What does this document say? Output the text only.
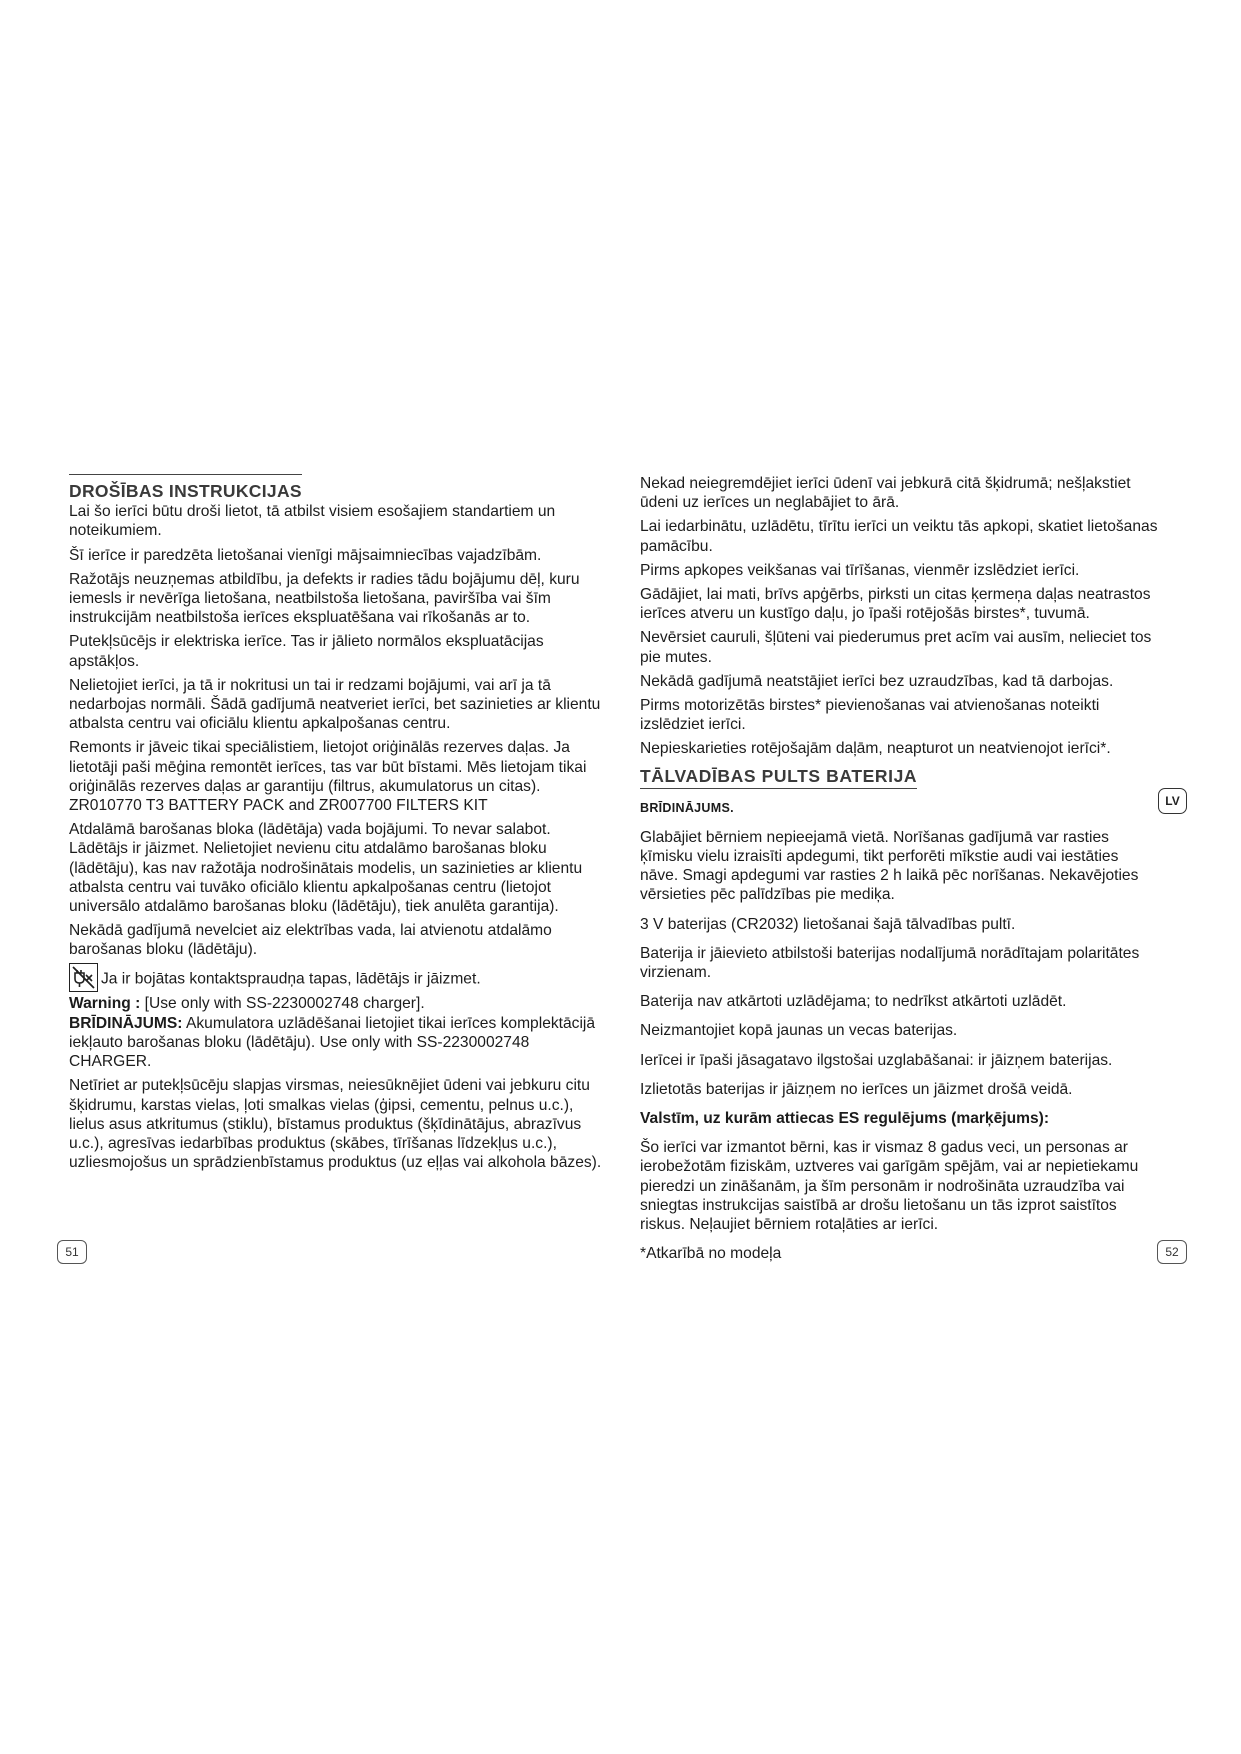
DROŠĪBAS INSTRUKCIJAS

Lai šo ierīci būtu droši lietot, tā atbilst visiem esošajiem standartiem un noteikumiem.

Šī ierīce ir paredzēta lietošanai vienīgi mājsaimniecības vajadzībām.

Ražotājs neuzņemas atbildību, ja defekts ir radies tādu bojājumu dēļ, kuru iemesls ir nevērīga lietošana, neatbilstoša lietošana, paviršība vai šīm instrukcijām neatbilstoša ierīces ekspluatēšana vai rīkošanās ar to.

Putekļsūcējs ir elektriska ierīce. Tas ir jālieto normālos ekspluatācijas apstākļos.

Nelietojiet ierīci, ja tā ir nokritusi un tai ir redzami bojājumi, vai arī ja tā nedarbojas normāli. Šādā gadījumā neatveriet ierīci, bet sazinieties ar klientu atbalsta centru vai oficiālu klientu apkalpošanas centru.

Remonts ir jāveic tikai speciālistiem, lietojot oriģinālās rezerves daļas. Ja lietotāji paši mēģina remontēt ierīces, tas var būt bīstami. Mēs lietojam tikai oriģinālās rezerves daļas ar garantiju (filtrus, akumulatorus un citas). ZR010770 T3 BATTERY PACK and ZR007700 FILTERS KIT

Atdalāmā barošanas bloka (lādētāja) vada bojājumi. To nevar salabot. Lādētājs ir jāizmet. Nelietojiet nevienu citu atdalāmo barošanas bloku (lādētāju), kas nav ražotāja nodrošinātais modelis, un sazinieties ar klientu atbalsta centru vai tuvāko oficiālo klientu apkalpošanas centru (lietojot universālo atdalāmo barošanas bloku (lādētāju), tiek anulēta garantija).

Nekādā gadījumā nevelciet aiz elektrības vada, lai atvienotu atdalāmo barošanas bloku (lādētāju).

Ja ir bojātas kontaktspraudņa tapas, lādētājs ir jāizmet.

Warning : [Use only with SS-2230002748 charger].

BRĪDINĀJUMS: Akumulatora uzlādēšanai lietojiet tikai ierīces komplektācijā iekļauto barošanas bloku (lādētāju). Use only with SS-2230002748 CHARGER.

Netīriet ar putekļsūcēju slapjas virsmas, neiesūknējiet ūdeni vai jebkuru citu šķidrumu, karstas vielas, ļoti smalkas vielas (ģipsi, cementu, pelnus u.c.), lielus asus atkritumus (stiklu), bīstamus produktus (šķīdinātājus, abrazīvus u.c.), agresīvas iedarbības produktus (skābes, tīrīšanas līdzekļus u.c.), uzliesmojošus un sprādzienbīstamus produktus (uz eļļas vai alkohola bāzes).

Nekad neiegremdējiet ierīci ūdenī vai jebkurā citā šķidrumā; nešļakstiet ūdeni uz ierīces un neglabājiet to ārā.

Lai iedarbinātu, uzlādētu, tīrītu ierīci un veiktu tās apkopi, skatiet lietošanas pamācību.

Pirms apkopes veikšanas vai tīrīšanas, vienmēr izslēdziet ierīci.

Gādājiet, lai mati, brīvs apģērbs, pirksti un citas ķermeņa daļas neatrastos ierīces atveru un kustīgo daļu, jo īpaši rotējošās birstes*, tuvumā.

Nevērsiet cauruli, šļūteni vai piederumus pret acīm vai ausīm, nelieciet tos pie mutes.

Nekādā gadījumā neatstājiet ierīci bez uzraudzības, kad tā darbojas.

Pirms motorizētās birstes* pievienošanas vai atvienošanas noteikti izslēdziet ierīci.

Nepieskarieties rotējošajām daļām, neapturot un neatvienojot ierīci*.

TĀLVADĪBAS PULTS BATERIJA
BRĪDINĀJUMS.

Glabājiet bērniem nepieejamā vietā. Norīšanas gadījumā var rasties ķīmisku vielu izraisīti apdegumi, tikt perforēti mīkstie audi vai iestāties nāve. Smagi apdegumi var rasties 2 h laikā pēc norīšanas. Nekavējoties vērsieties pēc palīdzības pie mediķa.

3 V baterijas (CR2032) lietošanai šajā tālvadības pultī.

Baterija ir jāievieto atbilstoši baterijas nodalījumā norādītajam polaritātes virzienam.

Baterija nav atkārtoti uzlādējama; to nedrīkst atkārtoti uzlādēt.

Neizmantojiet kopā jaunas un vecas baterijas.

Ierīcei ir īpaši jāsagatavo ilgstošai uzglabāšanai: ir jāizņem baterijas.

Izlietotās baterijas ir jāizņem no ierīces un jāizmet drošā veidā.

Valstīm, uz kurām attiecas ES regulējums (marķējums):

Šo ierīci var izmantot bērni, kas ir vismaz 8 gadus veci, un personas ar ierobežotām fiziskām, uztveres vai garīgām spējām, vai ar nepietiekamu pieredzi un zināšanām, ja šīm personām ir nodrošināta uzraudzība vai sniegtas instrukcijas saistībā ar drošu lietošanu un tās izprot saistītos riskus. Neļaujiet bērniem rotaļāties ar ierīci.

*Atkarībā no modeļa

51	52
LV
